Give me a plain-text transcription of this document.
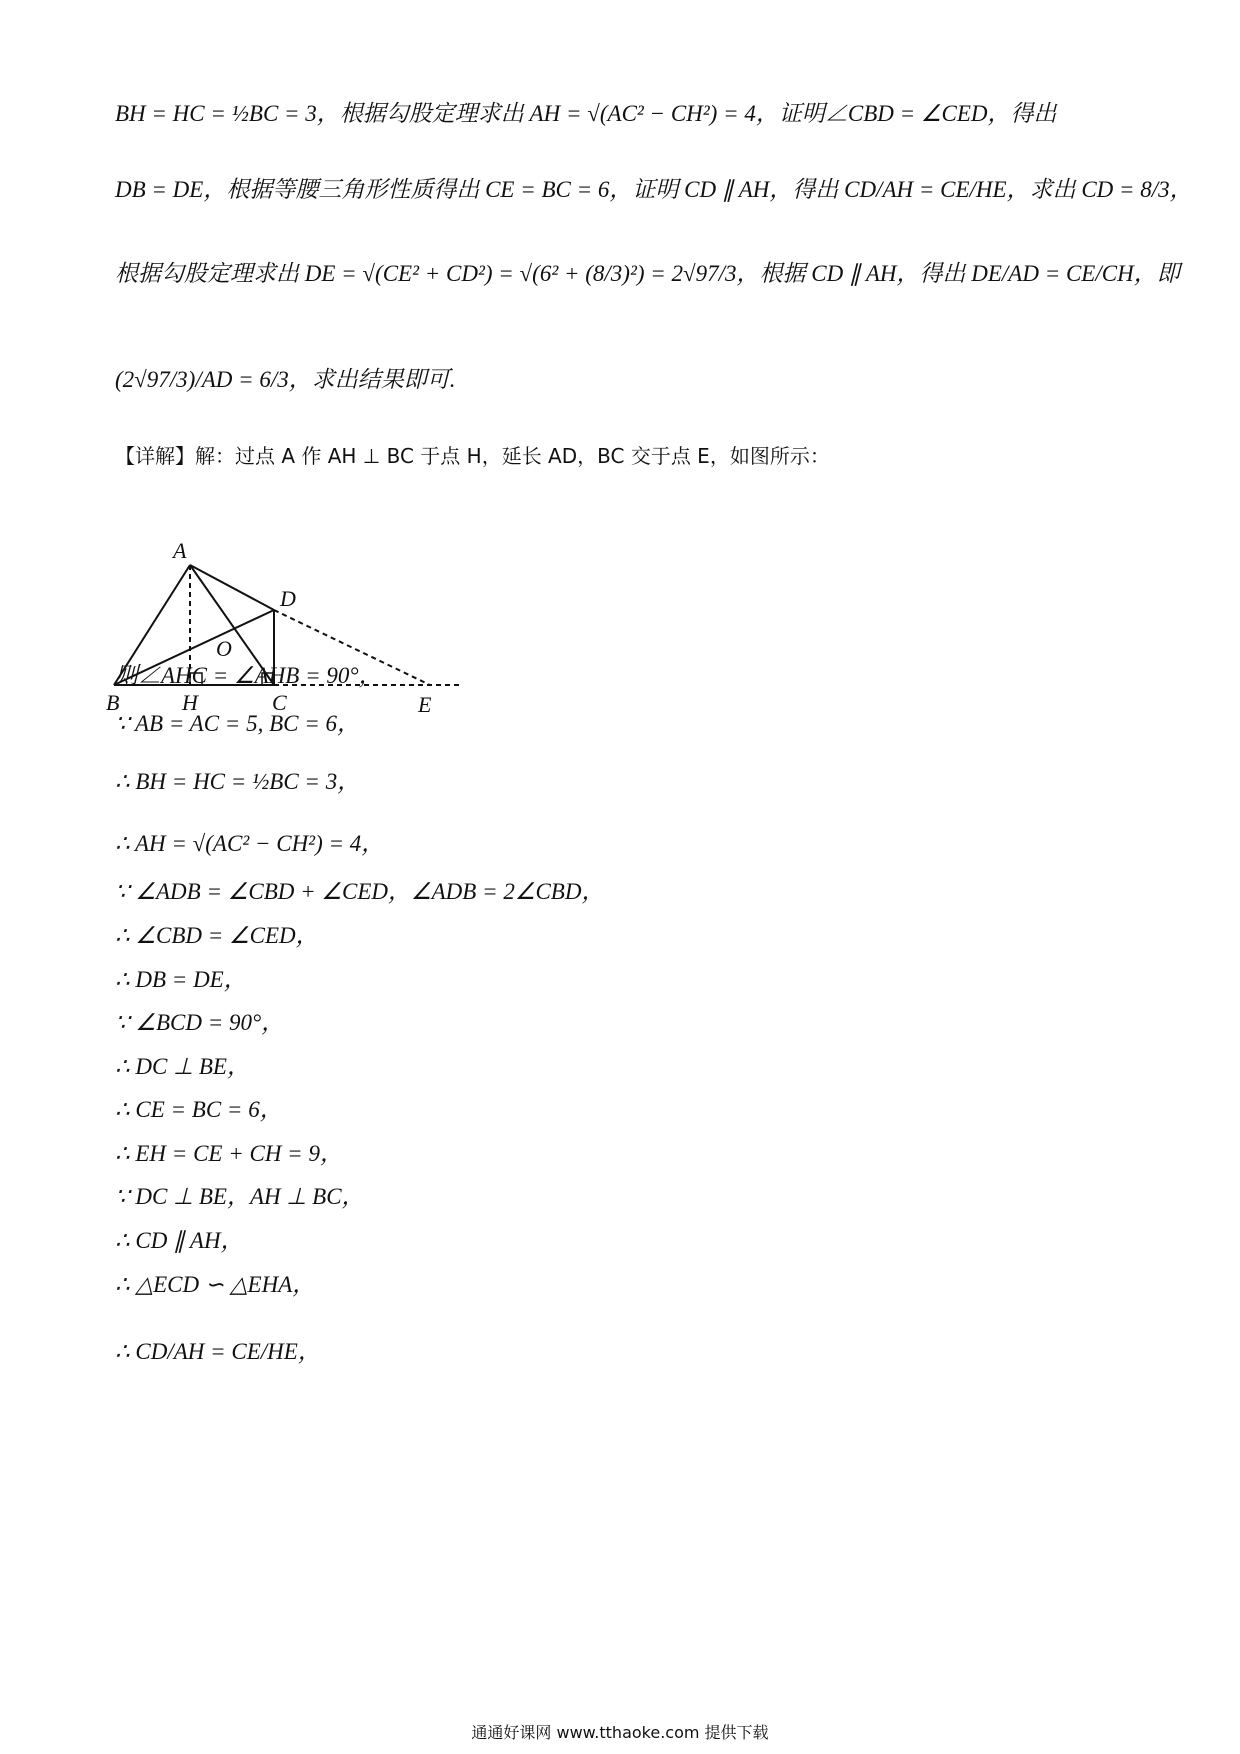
BH = HC = ½BC = 3，根据勾股定理求出 AH = √(AC² − CH²) = 4，证明∠CBD = ∠CED，得出
DB = DE，根据等腰三角形性质得出 CE = BC = 6，证明 CD ∥ AH，得出 CD/AH = CE/HE，求出 CD = 8/3，
根据勾股定理求出 DE = √(CE² + CD²) = √(6² + (8/3)²) = 2√97/3，根据 CD ∥ AH，得出 DE/AD = CE/CH，即
(2√97/3)/AD = 6/3，求出结果即可.
【详解】解：过点 A 作 AH ⊥ BC 于点 H，延长 AD，BC 交于点 E，如图所示：
A
B	H	C
D
E
O
则∠AHC = ∠AHB = 90°，
∵ AB = AC = 5, BC = 6，
∴ BH = HC = ½BC = 3，
∴ AH = √(AC² − CH²) = 4，
∵ ∠ADB = ∠CBD + ∠CED，∠ADB = 2∠CBD，
∴ ∠CBD = ∠CED，
∴ DB = DE，
∵ ∠BCD = 90°，
∴ DC ⊥ BE，
∴ CE = BC = 6，
∴ EH = CE + CH = 9，
∵ DC ⊥ BE，AH ⊥ BC，
∴ CD ∥ AH，
∴ △ECD ∽ △EHA，
∴ CD/AH = CE/HE，
通通好课网 www.tthaoke.com 提供下载
